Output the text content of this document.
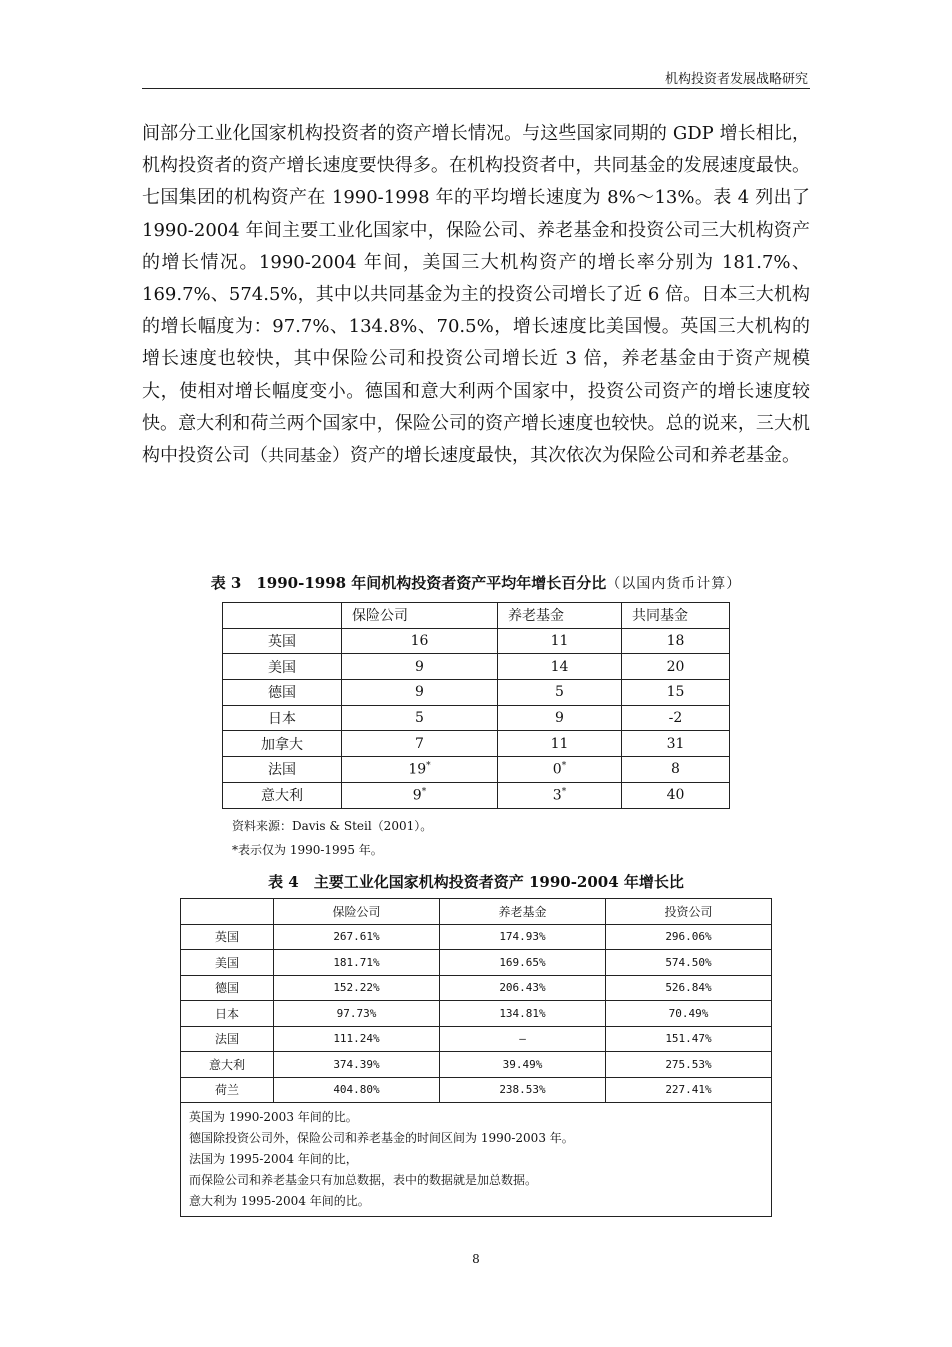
机构投资者发展战略研究

间部分工业化国家机构投资者的资产增长情况。与这些国家同期的 GDP 增长相比，机构投资者的资产增长速度要快得多。在机构投资者中，共同基金的发展速度最快。七国集团的机构资产在 1990-1998 年的平均增长速度为 8%～13%。表 4 列出了 1990-2004 年间主要工业化国家中，保险公司、养老基金和投资公司三大机构资产的增长情况。1990-2004 年间，美国三大机构资产的增长率分别为 181.7%、169.7%、574.5%，其中以共同基金为主的投资公司增长了近 6 倍。日本三大机构的增长幅度为：97.7%、134.8%、70.5%，增长速度比美国慢。英国三大机构的增长速度也较快，其中保险公司和投资公司增长近 3 倍，养老基金由于资产规模大，使相对增长幅度变小。德国和意大利两个国家中，投资公司资产的增长速度较快。意大利和荷兰两个国家中，保险公司的资产增长速度也较快。总的说来，三大机构中投资公司（共同基金）资产的增长速度最快，其次依次为保险公司和养老基金。

表 3　1990-1998 年间机构投资者资产平均年增长百分比（以国内货币计算）
	保险公司	养老基金	共同基金
英国	16	11	18
美国	9	14	20
德国	9	5	15
日本	5	9	-2
加拿大	7	11	31
法国	19*	0*	8
意大利	9*	3*	40
资料来源：Davis & Steil（2001）。
*表示仅为 1990-1995 年。
表 4　主要工业化国家机构投资者资产 1990-2004 年增长比
	保险公司	养老基金	投资公司
英国	267.61%	174.93%	296.06%
美国	181.71%	169.65%	574.50%
德国	152.22%	206.43%	526.84%
日本	97.73%	134.81%	70.49%
法国	111.24%	—	151.47%
意大利	374.39%	39.49%	275.53%
荷兰	404.80%	238.53%	227.41%

英国为 1990-2003 年间的比。
德国除投资公司外，保险公司和养老基金的时间区间为 1990-2003 年。
法国为 1995-2004 年间的比，
而保险公司和养老基金只有加总数据，表中的数据就是加总数据。
意大利为 1995-2004 年间的比。			
8
